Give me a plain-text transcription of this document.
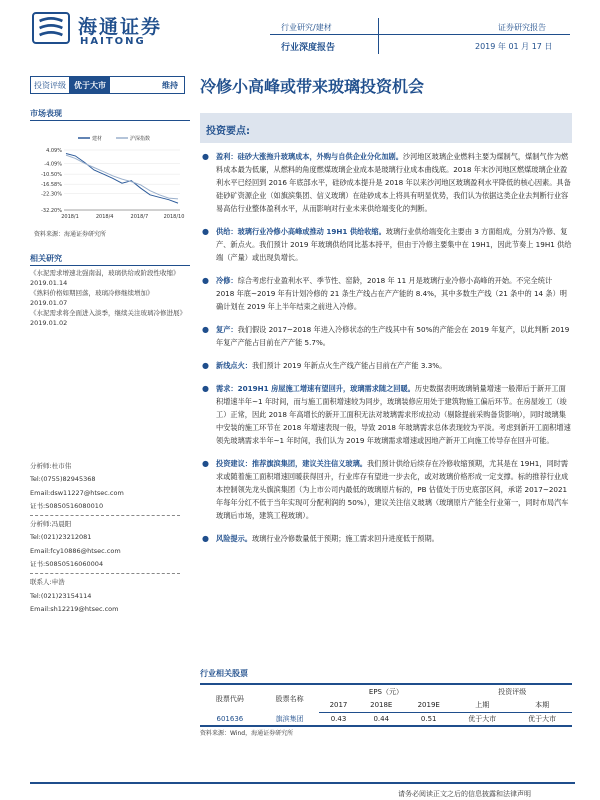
海通证券
HAITONG
行业研究/建材
行业深度报告
证券研究报告
2019 年 01 月 17 日
投资评级	优于大市	维持	冷修小高峰或带来玻璃投资机会
市场表现
建材	沪深指数
4.09%
-4.09%
-10.50%
-16.58%
-22.30%
-32.20%
2018/1	2018/4	2018/7	2018/10
资料来源：海通证券研究所
相关研究
《水泥需求增速北强南弱，玻璃供给或阶段性收缩》2019.01.14
《熟料价格如期回落，玻璃冷修继续增加》2019.01.07
《水泥需求将全面进入淡季，继续关注玻璃冷修进展》2019.01.02
分析师:杜市伟
Tel:(0755)82945368
Email:dsw11227@htsec.com
证书:S0850516080010
分析师:冯晨阳
Tel:(021)23212081
Email:fcy10886@htsec.com
证书:S0850516060004
联系人:申浩
Tel:(021)23154114
Email:sh12219@htsec.com
投资要点:
● 盈利：硅砂大涨拖升玻璃成本，外购与自供企业分化加剧。沙河地区玻璃企业燃料主要为煤制气，煤制气作为燃料成本最为低廉，从燃料的角度燃煤玻璃企业成本是玻璃行业成本曲线底。2018 年末沙河地区燃煤玻璃企业盈利水平已经回到 2016 年底部水平，硅砂成本提升是 2018 年以来沙河地区玻璃盈利水平降低的核心因素。具备硅砂矿资源企业（如旗滨集团、信义玻璃）在硅砂成本上将具有明显优势，我们认为依据这类企业去判断行业容易高估行业整体盈利水平，从而影响对行业未来供给端变化的判断。
● 供给：玻璃行业冷修小高峰或推动 19H1 供给收缩。玻璃行业供给端变化主要由 3 方面组成，分别为冷修、复产、新点火。我们预计 2019 年玻璃供给同比基本持平，但由于冷修主要集中在 19H1，因此节奏上 19H1 供给端（产量）或出现负增长。
● 冷修：综合考虑行业盈利水平、季节性、窑龄，2018 年 11 月是玻璃行业冷修小高峰的开始。不完全统计 2018 年底~2019 年有计划冷修的 21 条生产线占在产产能的 8.4%，其中多数生产线（21 条中的 14 条）明确计划在 2019 年上半年结束之前进入冷修。
● 复产：我们假设 2017~2018 年进入冷修状态的生产线其中有 50%的产能会在 2019 年复产，以此判断 2019 年复产产能占目前在产产能 5.7%。
● 新线点火：我们预计 2019 年新点火生产线产能占目前在产产能 3.3%。
● 需求：2019H1 房屋施工增速有望回升，玻璃需求随之回暖。历史数据表明玻璃销量增速一般滞后于新开工面积增速半年~1 年时间，而与施工面积增速较为同步，玻璃装修应用处于建筑物施工偏后环节。在房屋竣工（竣工）正常，因此 2018 年高增长的新开工面积无法对玻璃需求形成拉动（剔除提前采购备货影响），同时玻璃集中安装的施工环节在 2018 年增速表现一般，导致 2018 年玻璃需求总体表现较为平淡。考虑到新开工面积增速领先玻璃需求半年~1 年时间，我们认为 2019 年玻璃需求增速或因地产新开工向施工传导存在回升可能。
● 投资建议：推荐旗滨集团，建议关注信义玻璃。我们预计供给后续存在冷修收缩预期，尤其是在 19H1，同时需求或随着施工面积增速回暖获得回升，行业库存有望进一步去化，或对玻璃价格形成一定支撑。标的推荐行业成本控制领先龙头旗滨集团（为上市公司内最低的玻璃原片标的，PB 估值处于历史底部区间，承诺 2017~2021 年每年分红不低于当年实现可分配利润的 50%），建议关注信义玻璃（玻璃原片产能全行业第一，同时布局汽车玻璃后市场，建筑工程玻璃）。
● 风险提示。玻璃行业冷修数量低于预期；施工需求回升进度低于预期。
行业相关股票
股票代码	股票名称	EPS（元）			投资评级	
		2017	2018E	2019E	上期	本期
601636	旗滨集团	0.43	0.44	0.51	优于大市	优于大市
资料来源：Wind，海通证券研究所
请务必阅读正文之后的信息披露和法律声明
